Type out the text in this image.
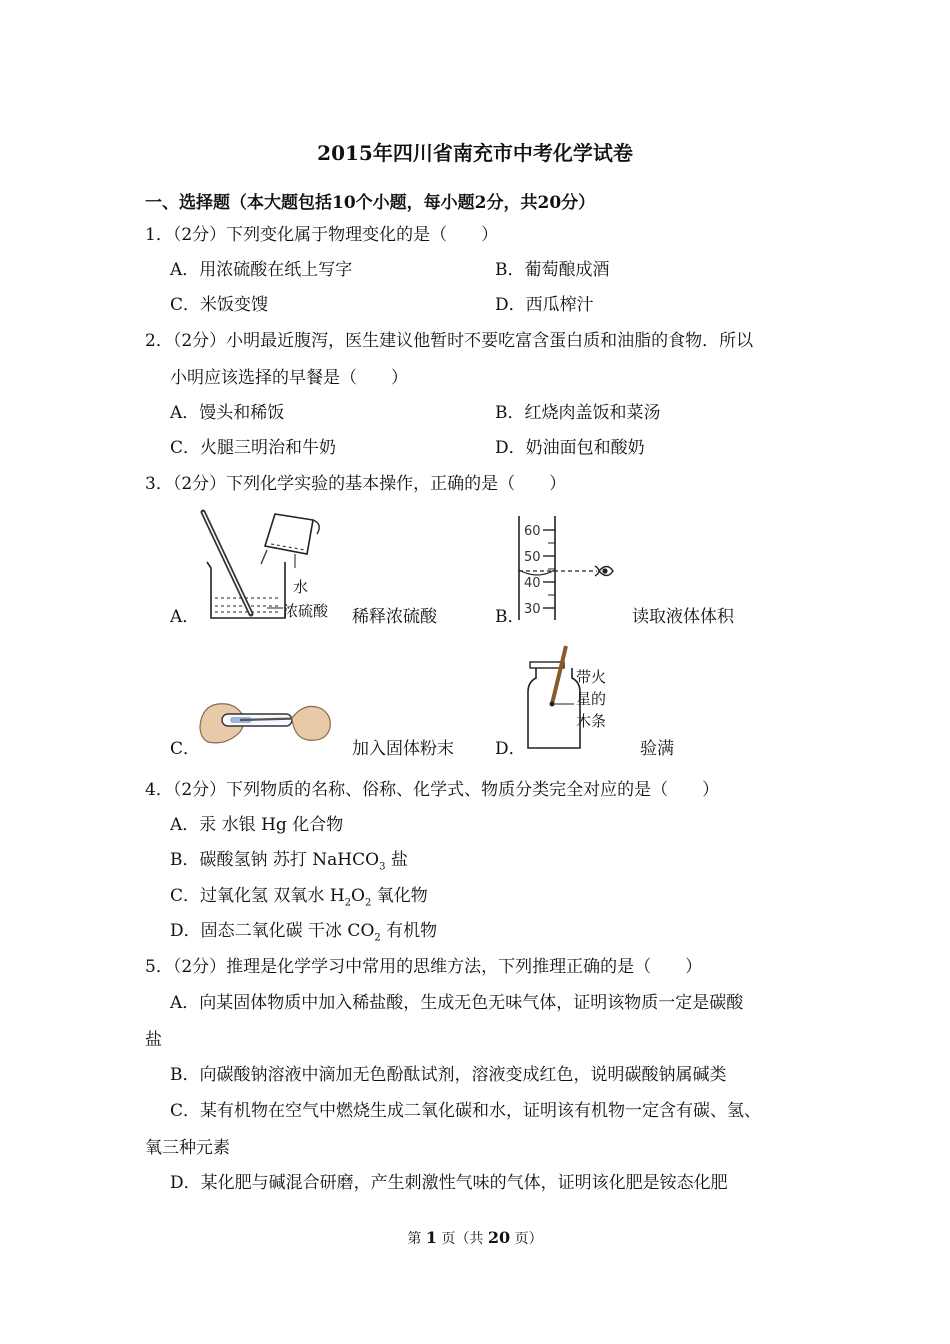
2015年四川省南充市中考化学试卷
一、选择题（本大题包括10个小题，每小题2分，共20分）
1．（2分）下列变化属于物理变化的是（　　）
A．用浓硫酸在纸上写字	B．葡萄酿成酒
C．米饭变馊	D．西瓜榨汁
2．（2分）小明最近腹泻，医生建议他暂时不要吃富含蛋白质和油脂的食物．所以
小明应该选择的早餐是（　　）
A．馒头和稀饭	B．红烧肉盖饭和菜汤
C．火腿三明治和牛奶	D．奶油面包和酸奶
3．（2分）下列化学实验的基本操作，正确的是（　　）
A．
水
浓硫酸 稀释浓硫酸	B．
60
50
40
30	读取液体体积
C．	加入固体粉末 D．
带火
星的
木条
验满
4．（2分）下列物质的名称、俗称、化学式、物质分类完全对应的是（　　）
A．汞 水银 Hg 化合物
B．碳酸氢钠 苏打 NaHCO$_3$ 盐
C．过氧化氢 双氧水 $H_2O_2$ 氧化物
D．固态二氧化碳 干冰 $CO_2$ 有机物
5．（2分）推理是化学学习中常用的思维方法，下列推理正确的是（　　）
A．向某固体物质中加入稀盐酸，生成无色无味气体，证明该物质一定是碳酸
盐
B．向碳酸钠溶液中滴加无色酚酞试剂，溶液变成红色，说明碳酸钠属碱类
C．某有机物在空气中燃烧生成二氧化碳和水，证明该有机物一定含有碳、氢、
氧三种元素
D．某化肥与碱混合研磨，产生刺激性气味的气体，证明该化肥是铵态化肥
第 1 页（共 20 页）
